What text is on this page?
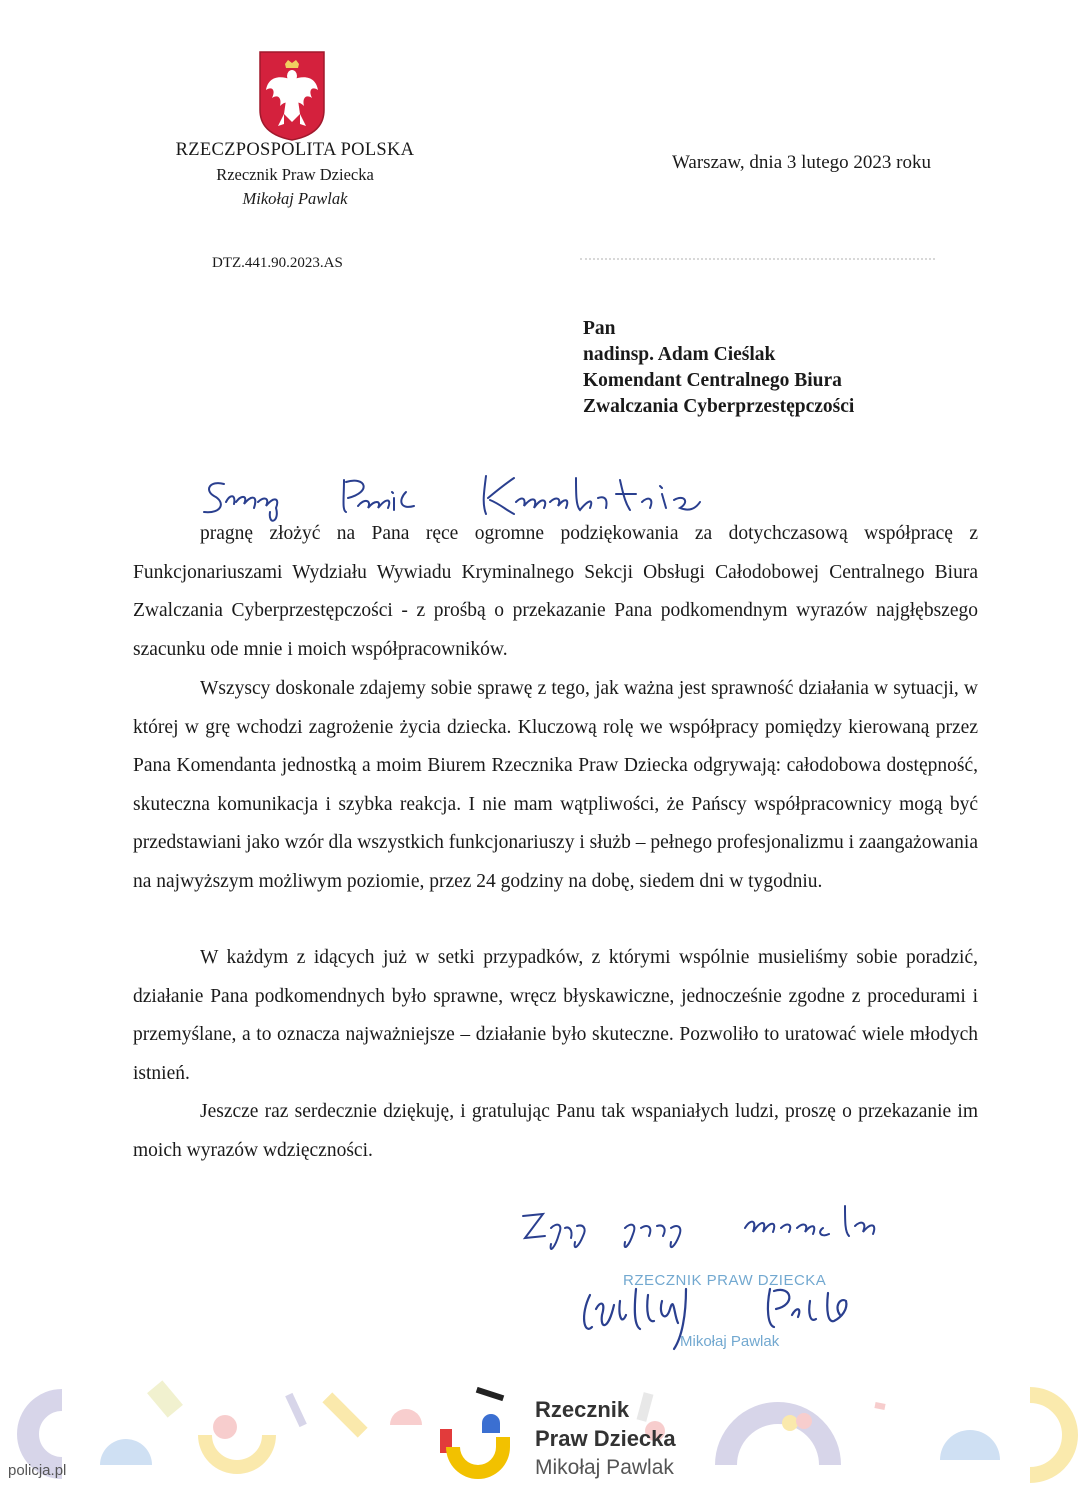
RZECZPOSPOLITA POLSKA
Rzecznik Praw Dziecka
Mikołaj Pawlak
DTZ.441.90.2023.AS
Warszaw, dnia 3 lutego 2023 roku
Pan
nadinsp. Adam Cieślak
Komendant Centralnego Biura
Zwalczania Cyberprzestępczości

pragnę złożyć na Pana ręce ogromne podziękowania za dotychczasową współpracę z Funkcjonariuszami Wydziału Wywiadu Kryminalnego Sekcji Obsługi Całodobowej Centralnego Biura Zwalczania Cyberprzestępczości - z prośbą o przekazanie Pana podkomendnym wyrazów najgłębszego szacunku ode mnie i moich współpracowników.

Wszyscy doskonale zdajemy sobie sprawę z tego, jak ważna jest sprawność działania w sytuacji, w której w grę wchodzi zagrożenie życia dziecka. Kluczową rolę we współpracy pomiędzy kierowaną przez Pana Komendanta jednostką a moim Biurem Rzecznika Praw Dziecka odgrywają: całodobowa dostępność, skuteczna komunikacja i szybka reakcja. I nie mam wątpliwości, że Pańscy współpracownicy mogą być przedstawiani jako wzór dla wszystkich funkcjonariuszy i służb – pełnego profesjonalizmu i zaangażowania na najwyższym możliwym poziomie, przez 24 godziny na dobę, siedem dni w tygodniu.

W każdym z idących już w setki przypadków, z którymi wspólnie musieliśmy sobie poradzić, działanie Pana podkomendnych było sprawne, wręcz błyskawiczne, jednocześnie zgodne z procedurami i przemyślane, a to oznacza najważniejsze – działanie było skuteczne. Pozwoliło to uratować wiele młodych istnień.

Jeszcze raz serdecznie dziękuję, i gratulując Panu tak wspaniałych ludzi, proszę o przekazanie im moich wyrazów wdzięczności.

RZECZNIK PRAW DZIECKA
Mikołaj Pawlak
Rzecznik
Praw Dziecka
Mikołaj Pawlak
policja.pl
